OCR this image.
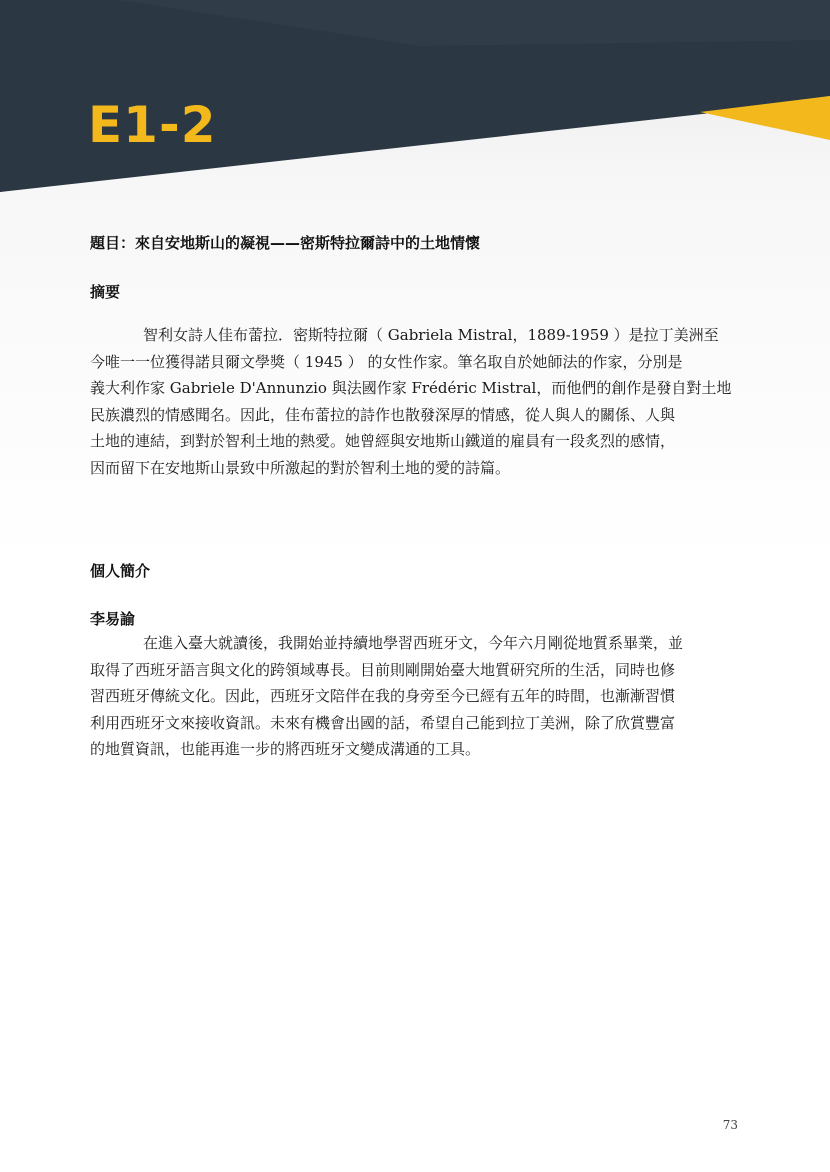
E1-2
題目：來自安地斯山的凝視——密斯特拉爾詩中的土地情懷
摘要
智利女詩人佳布蕾拉．密斯特拉爾（ Gabriela Mistral，1889-1959 ）是拉丁美洲至
今唯一一位獲得諾貝爾文學獎（ 1945 ） 的女性作家。筆名取自於她師法的作家，分別是
義大利作家 Gabriele D'Annunzio 與法國作家 Frédéric Mistral，而他們的創作是發自對土地
民族濃烈的情感聞名。因此，佳布蕾拉的詩作也散發深厚的情感，從人與人的關係、人與
土地的連結，到對於智利土地的熱愛。她曾經與安地斯山鐵道的雇員有一段炙烈的感情，
因而留下在安地斯山景致中所激起的對於智利土地的愛的詩篇。
個人簡介
李易諭
在進入臺大就讀後，我開始並持續地學習西班牙文，今年六月剛從地質系畢業，並
取得了西班牙語言與文化的跨領域專長。目前則剛開始臺大地質研究所的生活，同時也修
習西班牙傳統文化。因此，西班牙文陪伴在我的身旁至今已經有五年的時間，也漸漸習慣
利用西班牙文來接收資訊。未來有機會出國的話，希望自己能到拉丁美洲，除了欣賞豐富
的地質資訊，也能再進一步的將西班牙文變成溝通的工具。
73
